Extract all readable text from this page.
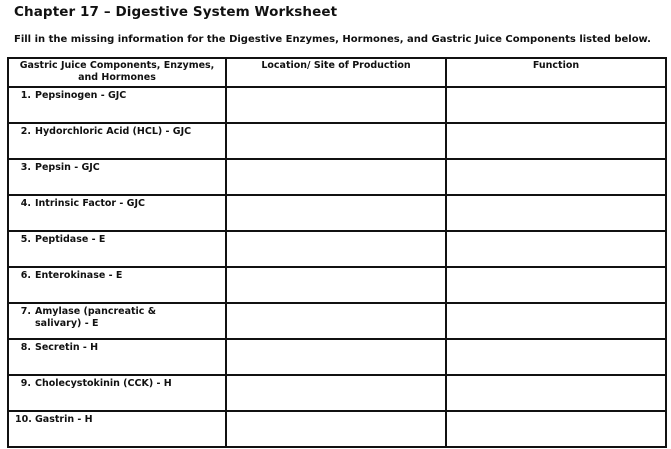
Chapter 17 – Digestive System Worksheet
Fill in the missing information for the Digestive Enzymes, Hormones, and Gastric Juice Components listed below.
Gastric Juice Components, Enzymes, and Hormones	Location/ Site of Production	Function
1. Pepsinogen - GJC		
2. Hydorchloric Acid (HCL) - GJC		
3. Pepsin - GJC		
4. Intrinsic Factor - GJC		
5. Peptidase - E		
6. Enterokinase - E		
7. Amylase (pancreatic & salivary) - E		
8. Secretin - H		
9. Cholecystokinin (CCK) - H		
10. Gastrin - H		
